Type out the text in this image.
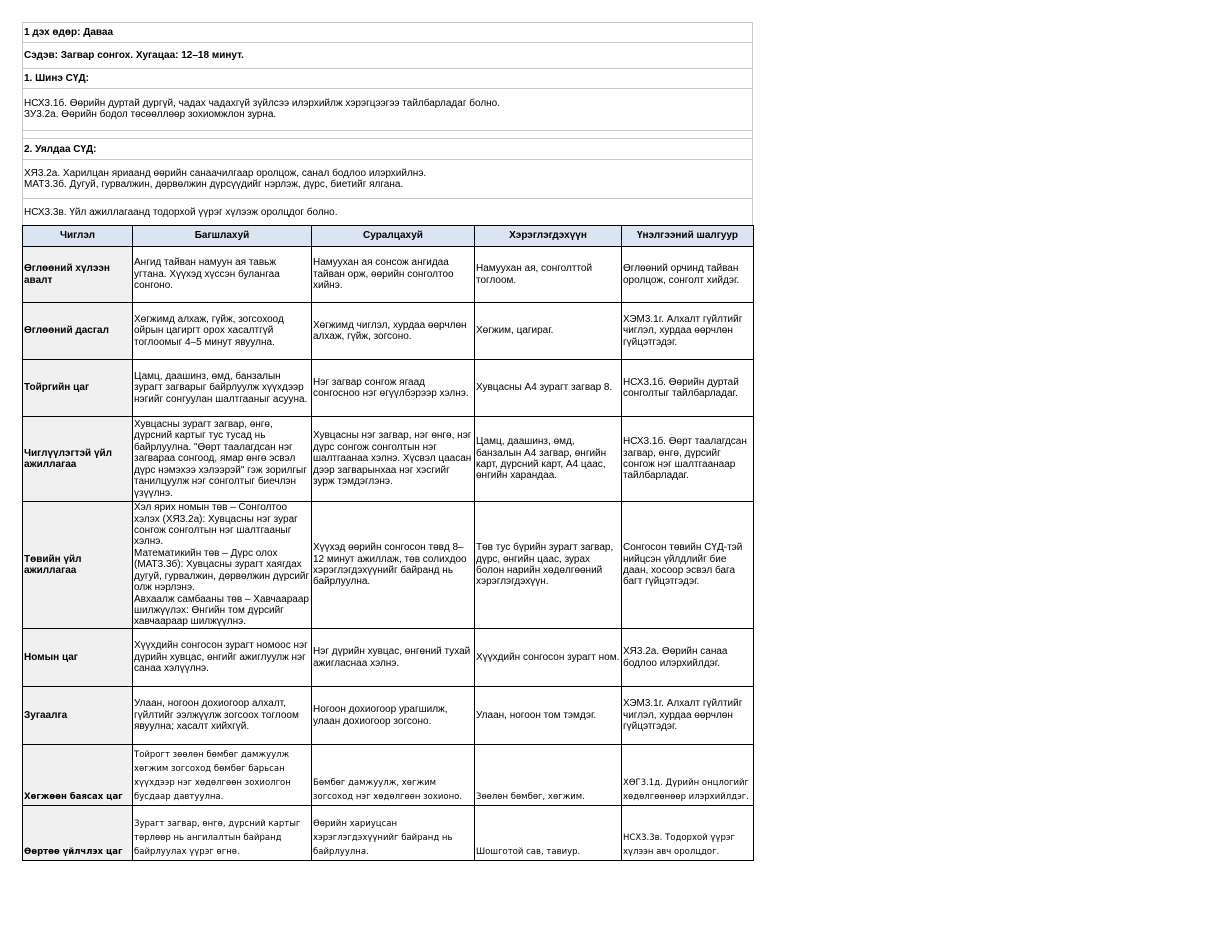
1 дэх өдөр: Даваа
Сэдэв: Загвар сонгох. Хугацаа: 12–18 минут.
1. Шинэ СҮД:
НСХ3.1б. Өөрийн дуртай дургүй, чадах чадахгүй зүйлсээ илэрхийлж хэрэгцээгээ тайлбарладаг болно.
ЗУ3.2а. Өөрийн бодол төсөөллөөр зохиомжлон зурна.
2. Уялдаа СҮД:
ХЯ3.2а. Харилцан яриаанд өөрийн санаачилгаар оролцож, санал бодлоо илэрхийлнэ.
МАТ3.3б. Дугуй, гурвалжин, дөрвөлжин дүрсүүдийг нэрлэж, дүрс, биетийг ялгана.
НСХ3.3в. Үйл ажиллагаанд тодорхой үүрэг хүлээж оролцдог болно.
Чиглэл	Багшлахуй	Суралцахуй	Хэрэглэгдэхүүн	Үнэлгээний шалгуур
Өглөөний хүлээн авалт	Ангид тайван намуун ая тавьж угтана. Хүүхэд хүссэн булангаа сонгоно.	Намуухан ая сонсож ангидаа тайван орж, өөрийн сонголтоо хийнэ.	Намуухан ая, сонголттой тоглоом.	Өглөөний орчинд тайван оролцож, сонголт хийдэг.
Өглөөний дасгал	Хөгжимд алхаж, гүйж, зогсохоод ойрын цагиргт орох хасалтгүй тоглоомыг 4–5 минут явуулна.	Хөгжимд чиглэл, хурдаа өөрчлөн алхаж, гүйж, зогсоно.	Хөгжим, цагираг.	ХЭМ3.1г. Алхалт гүйлтийг чиглэл, хурдаа өөрчлөн гүйцэтгэдэг.
Тойргийн цаг	Цамц, даашинз, өмд, банзалын зурагт загварыг байрлуулж хүүхдээр нэгийг сонгуулан шалтгааныг асууна.	Нэг загвар сонгож ягаад сонгосноо нэг өгүүлбэрээр хэлнэ.	Хувцасны А4 зурагт загвар 8.	НСХ3.1б. Өөрийн дуртай сонголтыг тайлбарладаг.
Чиглүүлэгтэй үйл ажиллагаа	Хувцасны зурагт загвар, өнгө, дүрсний картыг тус тусад нь байрлуулна. "Өөрт таалагдсан нэг загвараа сонгоод, ямар өнгө эсвэл дүрс нэмэхээ хэлээрэй" гэж зорилгыг танилцуулж нэг сонголтыг биечлэн үзүүлнэ.	Хувцасны нэг загвар, нэг өнгө, нэг дүрс сонгож сонголтын нэг шалтгаанаа хэлнэ. Хүсвэл цаасан дээр загварынхаа нэг хэсгийг зурж тэмдэглэнэ.	Цамц, даашинз, өмд, банзалын А4 загвар, өнгийн карт, дүрсний карт, А4 цаас, өнгийн харандаа.	НСХ3.1б. Өөрт таалагдсан загвар, өнгө, дүрсийг сонгож нэг шалтгаанаар тайлбарладаг.
Төвийн үйл ажиллагаа	Хэл ярих номын төв – Сонголтоо хэлэх (ХЯ3.2а): Хувцасны нэг зураг сонгож сонголтын нэг шалтгааныг хэлнэ.
Математикийн төв – Дүрс олох (МАТ3.3б): Хувцасны зурагт хаягдах дугуй, гурвалжин, дөрвөлжин дүрсийг олж нэрлэнэ.
Авхаалж самбааны төв – Хавчаараар шилжүүлэх: Өнгийн том дүрсийг хавчаараар шилжүүлнэ.	Хүүхэд өөрийн сонгосон төвд 8–12 минут ажиллаж, төв солихдоо хэрэглэгдэхүүнийг байранд нь байрлуулна.	Төв тус бүрийн зурагт загвар, дүрс, өнгийн цаас, зурах болон нарийн хөдөлгөөний хэрэглэгдэхүүн.	Сонгосон төвийн СҮД-тэй нийцсэн үйлдлийг бие даан, хосоор эсвэл бага багт гүйцэтгэдэг.
Номын цаг	Хүүхдийн сонгосон зурагт номоос нэг дүрийн хувцас, өнгийг ажиглуулж нэг санаа хэлүүлнэ.	Нэг дүрийн хувцас, өнгөний тухай ажигласнаа хэлнэ.	Хүүхдийн сонгосон зурагт ном.	ХЯ3.2а. Өөрийн санаа бодлоо илэрхийлдэг.
Зугаалга	Улаан, ногоон дохиогоор алхалт, гүйлтийг ээлжүүлж зогсоох тоглоом явуулна; хасалт хийхгүй.	Ногоон дохиогоор урагшилж, улаан дохиогоор зогсоно.	Улаан, ногоон том тэмдэг.	ХЭМ3.1г. Алхалт гүйлтийг чиглэл, хурдаа өөрчлөн гүйцэтгэдэг.
Хөгжөөн баясах цаг	Тойрогт зөөлөн бөмбөг дамжуулж хөгжим зогсоход бөмбөг барьсан хүүхдээр нэг хөдөлгөөн зохиолгон бусдаар давтуулна.	Бөмбөг дамжуулж, хөгжим зогсоход нэг хөдөлгөөн зохионо.	Зөөлөн бөмбөг, хөгжим.	ХӨГ3.1д. Дүрийн онцлогийг хөдөлгөөнөөр илэрхийлдэг.
Өөртөө үйлчлэх цаг	Зурагт загвар, өнгө, дүрсний картыг төрлөөр нь ангилалтын байранд байрлуулах үүрэг өгнө.	Өөрийн хариуцсан хэрэглэгдэхүүнийг байранд нь байрлуулна.	Шошготой сав, тавиур.	НСХ3.3в. Тодорхой үүрэг хүлээн авч оролцдог.
